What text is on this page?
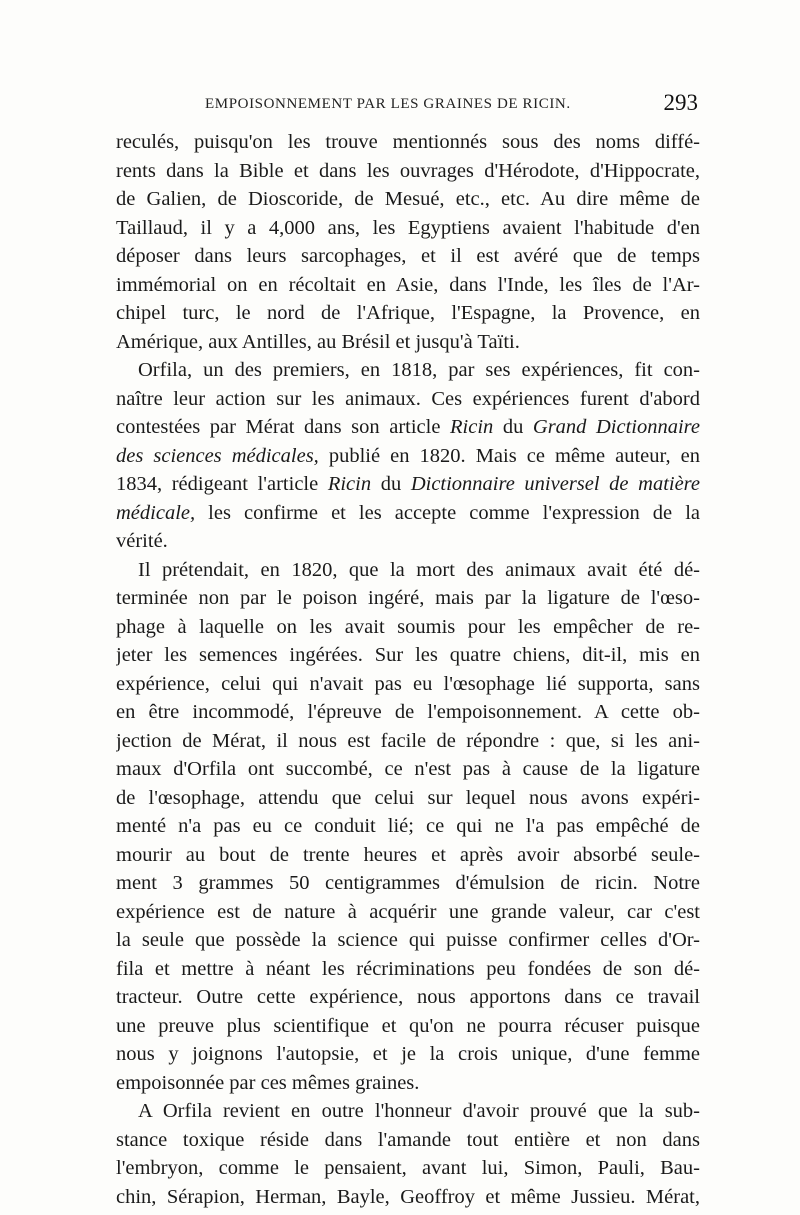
EMPOISONNEMENT PAR LES GRAINES DE RICIN.	293
reculés, puisqu'on les trouve mentionnés sous des noms diffé-
rents dans la Bible et dans les ouvrages d'Hérodote, d'Hippocrate,
de Galien, de Dioscoride, de Mesué, etc., etc. Au dire même de
Taillaud, il y a 4,000 ans, les Egyptiens avaient l'habitude d'en
déposer dans leurs sarcophages, et il est avéré que de temps
immémorial on en récoltait en Asie, dans l'Inde, les îles de l'Ar-
chipel turc, le nord de l'Afrique, l'Espagne, la Provence, en
Amérique, aux Antilles, au Brésil et jusqu'à Taïti.
Orfila, un des premiers, en 1818, par ses expériences, fit con-
naître leur action sur les animaux. Ces expériences furent d'abord
contestées par Mérat dans son article Ricin du Grand Dictionnaire
des sciences médicales, publié en 1820. Mais ce même auteur, en
1834, rédigeant l'article Ricin du Dictionnaire universel de matière
médicale, les confirme et les accepte comme l'expression de la
vérité.
Il prétendait, en 1820, que la mort des animaux avait été dé-
terminée non par le poison ingéré, mais par la ligature de l'œso-
phage à laquelle on les avait soumis pour les empêcher de re-
jeter les semences ingérées. Sur les quatre chiens, dit-il, mis en
expérience, celui qui n'avait pas eu l'œsophage lié supporta, sans
en être incommodé, l'épreuve de l'empoisonnement. A cette ob-
jection de Mérat, il nous est facile de répondre : que, si les ani-
maux d'Orfila ont succombé, ce n'est pas à cause de la ligature
de l'œsophage, attendu que celui sur lequel nous avons expéri-
menté n'a pas eu ce conduit lié; ce qui ne l'a pas empêché de
mourir au bout de trente heures et après avoir absorbé seule-
ment 3 grammes 50 centigrammes d'émulsion de ricin. Notre
expérience est de nature à acquérir une grande valeur, car c'est
la seule que possède la science qui puisse confirmer celles d'Or-
fila et mettre à néant les récriminations peu fondées de son dé-
tracteur. Outre cette expérience, nous apportons dans ce travail
une preuve plus scientifique et qu'on ne pourra récuser puisque
nous y joignons l'autopsie, et je la crois unique, d'une femme
empoisonnée par ces mêmes graines.
A Orfila revient en outre l'honneur d'avoir prouvé que la sub-
stance toxique réside dans l'amande tout entière et non dans
l'embryon, comme le pensaient, avant lui, Simon, Pauli, Bau-
chin, Sérapion, Herman, Bayle, Geoffroy et même Jussieu. Mérat,
